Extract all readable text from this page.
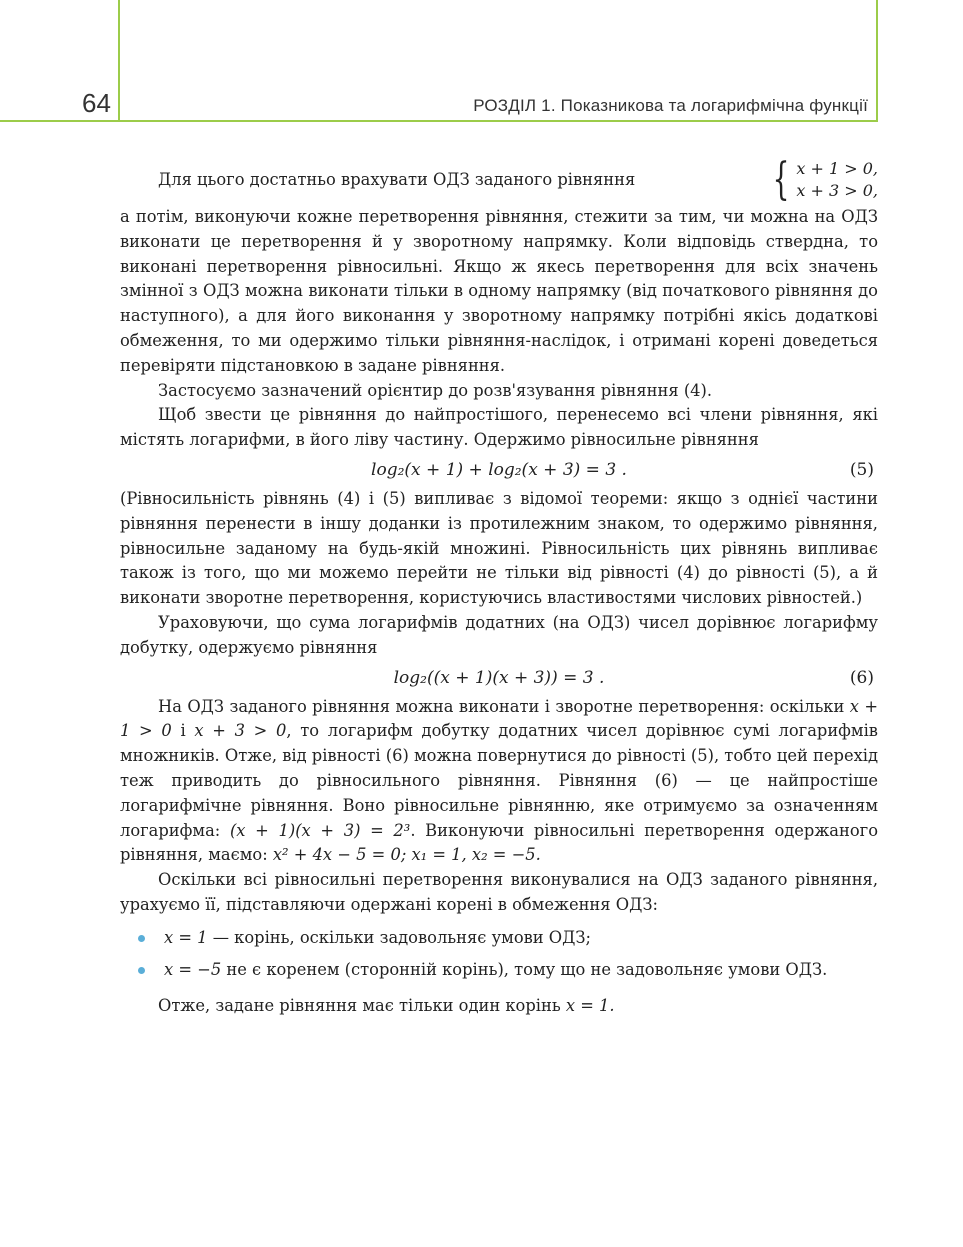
64	РОЗДІЛ 1. Показникова та логарифмічна функції
Для цього достатньо врахувати ОДЗ заданого рівняння	{ x + 1 > 0,
x + 3 > 0,

а потім, виконуючи кожне перетворення рівняння, стежити за тим, чи можна на ОДЗ виконати це перетворення й у зворотному напрямку. Коли відповідь ствердна, то виконані перетворення рівносильні. Якщо ж якесь перетворення для всіх значень змінної з ОДЗ можна виконати тільки в одному напрямку (від початкового рівняння до наступного), а для його виконання у зворотному напрямку потрібні якісь додаткові обмеження, то ми одержимо тільки рівняння-наслідок, і отримані корені доведеться перевіряти підстановкою в задане рівняння.

Застосуємо зазначений орієнтир до розв'язування рівняння (4).

Щоб звести це рівняння до найпростішого, перенесемо всі члени рівняння, які містять логарифми, в його ліву частину. Одержимо рівносильне рівняння

log₂(x + 1) + log₂(x + 3) = 3 .	(5)

(Рівносильність рівнянь (4) і (5) випливає з відомої теореми: якщо з однієї частини рівняння перенести в іншу доданки із протилежним знаком, то одержимо рівняння, рівносильне заданому на будь-якій множині. Рівносильність цих рівнянь випливає також із того, що ми можемо перейти не тільки від рівності (4) до рівності (5), а й виконати зворотне перетворення, користуючись властивостями числових рівностей.)

Ураховуючи, що сума логарифмів додатних (на ОДЗ) чисел дорівнює логарифму добутку, одержуємо рівняння

log₂((x + 1)(x + 3)) = 3 .	(6)

На ОДЗ заданого рівняння можна виконати і зворотне перетворення: оскільки x + 1 > 0 і x + 3 > 0, то логарифм добутку додатних чисел дорівнює сумі логарифмів множників. Отже, від рівності (6) можна повернутися до рівності (5), тобто цей перехід теж приводить до рівносильного рівняння. Рівняння (6) — це найпростіше логарифмічне рівняння. Воно рівносильне рівнянню, яке отримуємо за означенням логарифма: (x + 1)(x + 3) = 2³. Виконуючи рівносильні перетворення одержаного рівняння, маємо: x² + 4x − 5 = 0; x₁ = 1, x₂ = −5.

Оскільки всі рівносильні перетворення виконувалися на ОДЗ заданого рівняння, урахуємо її, підставляючи одержані корені в обмеження ОДЗ:

x = 1 — корінь, оскільки задовольняє умови ОДЗ;
x = −5 не є коренем (сторонній корінь), тому що не задовольняє умови ОДЗ.

Отже, задане рівняння має тільки один корінь x = 1.
